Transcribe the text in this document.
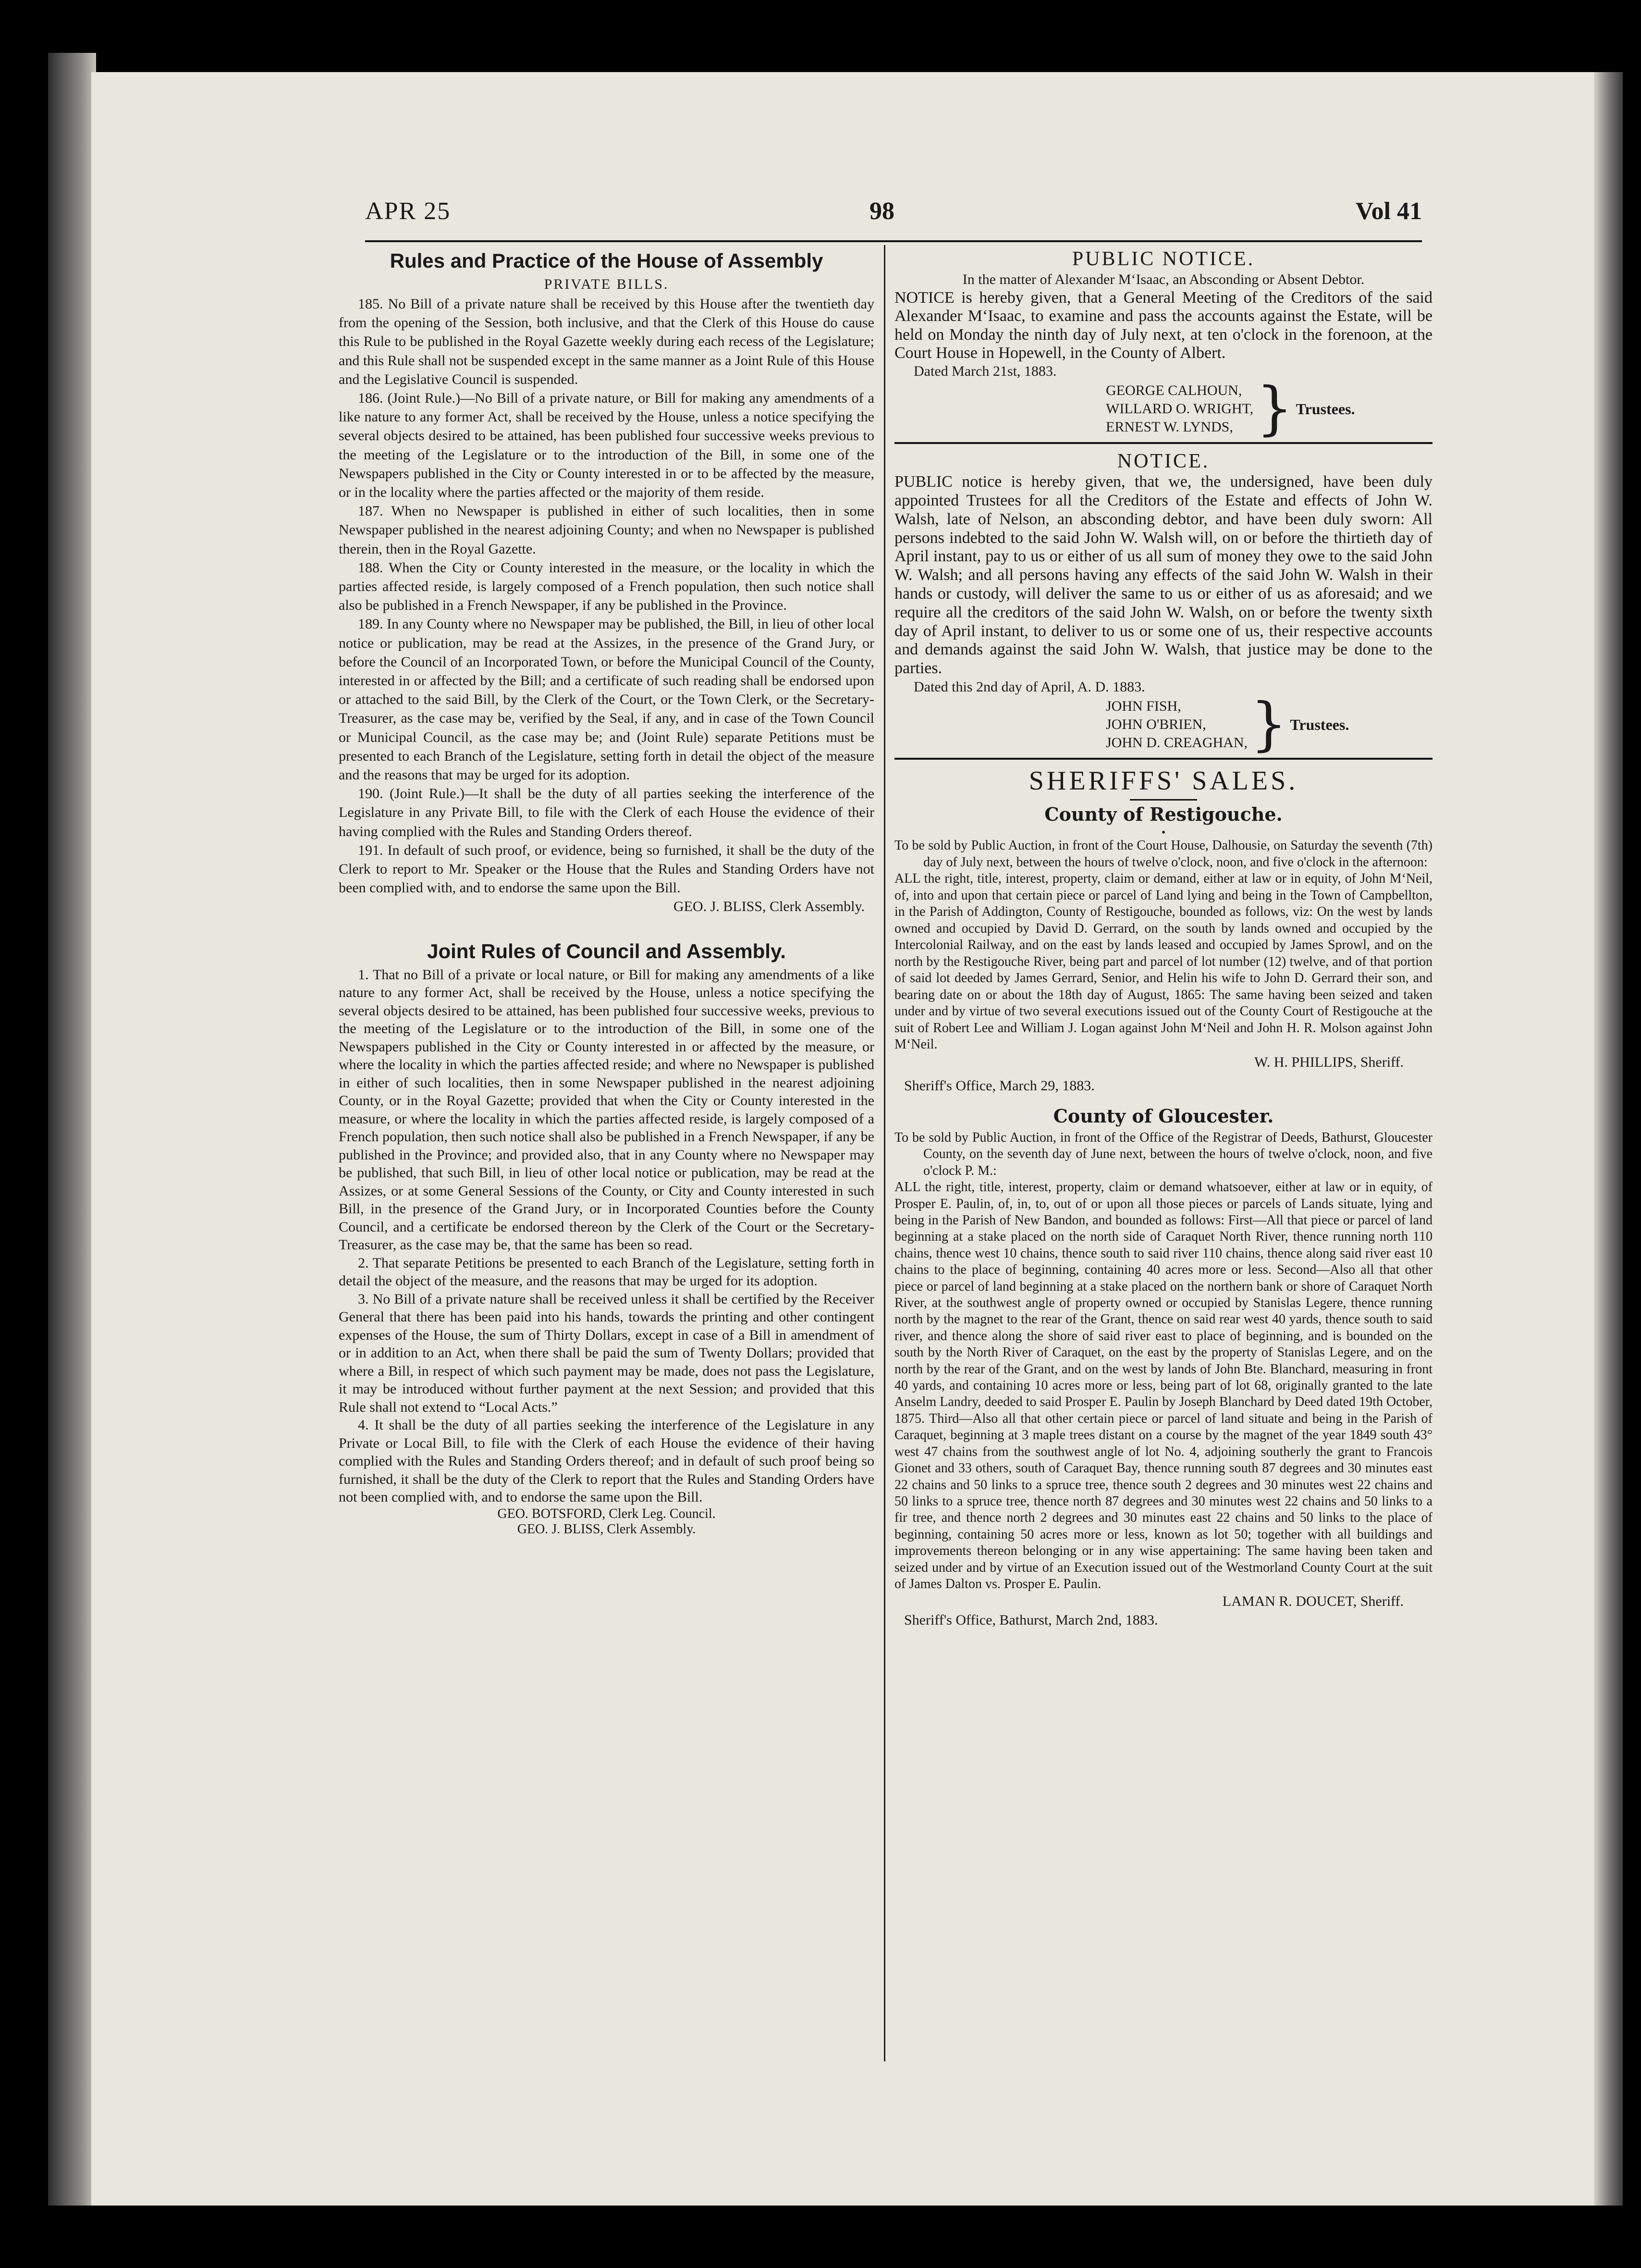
APR 25	98	Vol 41
Rules and Practice of the House of Assembly
PRIVATE BILLS.

185. No Bill of a private nature shall be received by this House after the twentieth day from the opening of the Session, both inclusive, and that the Clerk of this House do cause this Rule to be published in the Royal Gazette weekly during each recess of the Legislature; and this Rule shall not be suspended except in the same manner as a Joint Rule of this House and the Legislative Council is suspended.

186. (Joint Rule.)—No Bill of a private nature, or Bill for making any amendments of a like nature to any former Act, shall be received by the House, unless a notice specifying the several objects desired to be attained, has been published four successive weeks previous to the meeting of the Legislature or to the introduction of the Bill, in some one of the Newspapers published in the City or County interested in or to be affected by the measure, or in the locality where the parties affected or the majority of them reside.

187. When no Newspaper is published in either of such localities, then in some Newspaper published in the nearest adjoining County; and when no Newspaper is published therein, then in the Royal Gazette.

188. When the City or County interested in the measure, or the locality in which the parties affected reside, is largely composed of a French population, then such notice shall also be published in a French Newspaper, if any be published in the Province.

189. In any County where no Newspaper may be published, the Bill, in lieu of other local notice or publication, may be read at the Assizes, in the presence of the Grand Jury, or before the Council of an Incorporated Town, or before the Municipal Council of the County, interested in or affected by the Bill; and a certificate of such reading shall be endorsed upon or attached to the said Bill, by the Clerk of the Court, or the Town Clerk, or the Secretary-Treasurer, as the case may be, verified by the Seal, if any, and in case of the Town Council or Municipal Council, as the case may be; and (Joint Rule) separate Petitions must be presented to each Branch of the Legislature, setting forth in detail the object of the measure and the reasons that may be urged for its adoption.

190. (Joint Rule.)—It shall be the duty of all parties seeking the interference of the Legislature in any Private Bill, to file with the Clerk of each House the evidence of their having complied with the Rules and Standing Orders thereof.

191. In default of such proof, or evidence, being so furnished, it shall be the duty of the Clerk to report to Mr. Speaker or the House that the Rules and Standing Orders have not been complied with, and to endorse the same upon the Bill.

GEO. J. BLISS, Clerk Assembly.
Joint Rules of Council and Assembly.

1. That no Bill of a private or local nature, or Bill for making any amendments of a like nature to any former Act, shall be received by the House, unless a notice specifying the several objects desired to be attained, has been published four successive weeks, previous to the meeting of the Legislature or to the introduction of the Bill, in some one of the Newspapers published in the City or County interested in or affected by the measure, or where the locality in which the parties affected reside; and where no Newspaper is published in either of such localities, then in some Newspaper published in the nearest adjoining County, or in the Royal Gazette; provided that when the City or County interested in the measure, or where the locality in which the parties affected reside, is largely composed of a French population, then such notice shall also be published in a French Newspaper, if any be published in the Province; and provided also, that in any County where no Newspaper may be published, that such Bill, in lieu of other local notice or publication, may be read at the Assizes, or at some General Sessions of the County, or City and County interested in such Bill, in the presence of the Grand Jury, or in Incorporated Counties before the County Council, and a certificate be endorsed thereon by the Clerk of the Court or the Secretary-Treasurer, as the case may be, that the same has been so read.

2. That separate Petitions be presented to each Branch of the Legislature, setting forth in detail the object of the measure, and the reasons that may be urged for its adoption.

3. No Bill of a private nature shall be received unless it shall be certified by the Receiver General that there has been paid into his hands, towards the printing and other contingent expenses of the House, the sum of Thirty Dollars, except in case of a Bill in amendment of or in addition to an Act, when there shall be paid the sum of Twenty Dollars; provided that where a Bill, in respect of which such payment may be made, does not pass the Legislature, it may be introduced without further payment at the next Session; and provided that this Rule shall not extend to “Local Acts.”

4. It shall be the duty of all parties seeking the interference of the Legislature in any Private or Local Bill, to file with the Clerk of each House the evidence of their having complied with the Rules and Standing Orders thereof; and in default of such proof being so furnished, it shall be the duty of the Clerk to report that the Rules and Standing Orders have not been complied with, and to endorse the same upon the Bill.

GEO. BOTSFORD, Clerk Leg. Council.
GEO. J. BLISS, Clerk Assembly.
PUBLIC NOTICE.

In the matter of Alexander M‘Isaac, an Absconding or Absent Debtor.

NOTICE is hereby given, that a General Meeting of the Creditors of the said Alexander M‘Isaac, to examine and pass the accounts against the Estate, will be held on Monday the ninth day of July next, at ten o'clock in the forenoon, at the Court House in Hopewell, in the County of Albert.

Dated March 21st, 1883.

GEORGE CALHOUN,
WILLARD O. WRIGHT,
ERNEST W. LYNDS, } Trustees.
NOTICE.

PUBLIC notice is hereby given, that we, the undersigned, have been duly appointed Trustees for all the Creditors of the Estate and effects of John W. Walsh, late of Nelson, an absconding debtor, and have been duly sworn: All persons indebted to the said John W. Walsh will, on or before the thirtieth day of April instant, pay to us or either of us all sum of money they owe to the said John W. Walsh; and all persons having any effects of the said John W. Walsh in their hands or custody, will deliver the same to us or either of us as aforesaid; and we require all the creditors of the said John W. Walsh, on or before the twenty sixth day of April instant, to deliver to us or some one of us, their respective accounts and demands against the said John W. Walsh, that justice may be done to the parties.

Dated this 2nd day of April, A. D. 1883.

JOHN FISH,
JOHN O'BRIEN,
JOHN D. CREAGHAN, } Trustees.
SHERIFFS' SALES.
County of Restigouche.
•

To be sold by Public Auction, in front of the Court House, Dalhousie, on Saturday the seventh (7th) day of July next, between the hours of twelve o'clock, noon, and five o'clock in the afternoon:

ALL the right, title, interest, property, claim or demand, either at law or in equity, of John M‘Neil, of, into and upon that certain piece or parcel of Land lying and being in the Town of Campbellton, in the Parish of Addington, County of Restigouche, bounded as follows, viz: On the west by lands owned and occupied by David D. Gerrard, on the south by lands owned and occupied by the Intercolonial Railway, and on the east by lands leased and occupied by James Sprowl, and on the north by the Restigouche River, being part and parcel of lot number (12) twelve, and of that portion of said lot deeded by James Gerrard, Senior, and Helin his wife to John D. Gerrard their son, and bearing date on or about the 18th day of August, 1865: The same having been seized and taken under and by virtue of two several executions issued out of the County Court of Restigouche at the suit of Robert Lee and William J. Logan against John M‘Neil and John H. R. Molson against John M‘Neil.

W. H. PHILLIPS, Sheriff.
Sheriff's Office, March 29, 1883.
County of Gloucester.

To be sold by Public Auction, in front of the Office of the Registrar of Deeds, Bathurst, Gloucester County, on the seventh day of June next, between the hours of twelve o'clock, noon, and five o'clock P. M.:

ALL the right, title, interest, property, claim or demand whatsoever, either at law or in equity, of Prosper E. Paulin, of, in, to, out of or upon all those pieces or parcels of Lands situate, lying and being in the Parish of New Bandon, and bounded as follows: First—All that piece or parcel of land beginning at a stake placed on the north side of Caraquet North River, thence running north 110 chains, thence west 10 chains, thence south to said river 110 chains, thence along said river east 10 chains to the place of beginning, containing 40 acres more or less. Second—Also all that other piece or parcel of land beginning at a stake placed on the northern bank or shore of Caraquet North River, at the southwest angle of property owned or occupied by Stanislas Legere, thence running north by the magnet to the rear of the Grant, thence on said rear west 40 yards, thence south to said river, and thence along the shore of said river east to place of beginning, and is bounded on the south by the North River of Caraquet, on the east by the property of Stanislas Legere, and on the north by the rear of the Grant, and on the west by lands of John Bte. Blanchard, measuring in front 40 yards, and containing 10 acres more or less, being part of lot 68, originally granted to the late Anselm Landry, deeded to said Prosper E. Paulin by Joseph Blanchard by Deed dated 19th October, 1875. Third—Also all that other certain piece or parcel of land situate and being in the Parish of Caraquet, beginning at 3 maple trees distant on a course by the magnet of the year 1849 south 43° west 47 chains from the southwest angle of lot No. 4, adjoining southerly the grant to Francois Gionet and 33 others, south of Caraquet Bay, thence running south 87 degrees and 30 minutes east 22 chains and 50 links to a spruce tree, thence south 2 degrees and 30 minutes west 22 chains and 50 links to a spruce tree, thence north 87 degrees and 30 minutes west 22 chains and 50 links to a fir tree, and thence north 2 degrees and 30 minutes east 22 chains and 50 links to the place of beginning, containing 50 acres more or less, known as lot 50; together with all buildings and improvements thereon belonging or in any wise appertaining: The same having been taken and seized under and by virtue of an Execution issued out of the Westmorland County Court at the suit of James Dalton vs. Prosper E. Paulin.

LAMAN R. DOUCET, Sheriff.
Sheriff's Office, Bathurst, March 2nd, 1883.
